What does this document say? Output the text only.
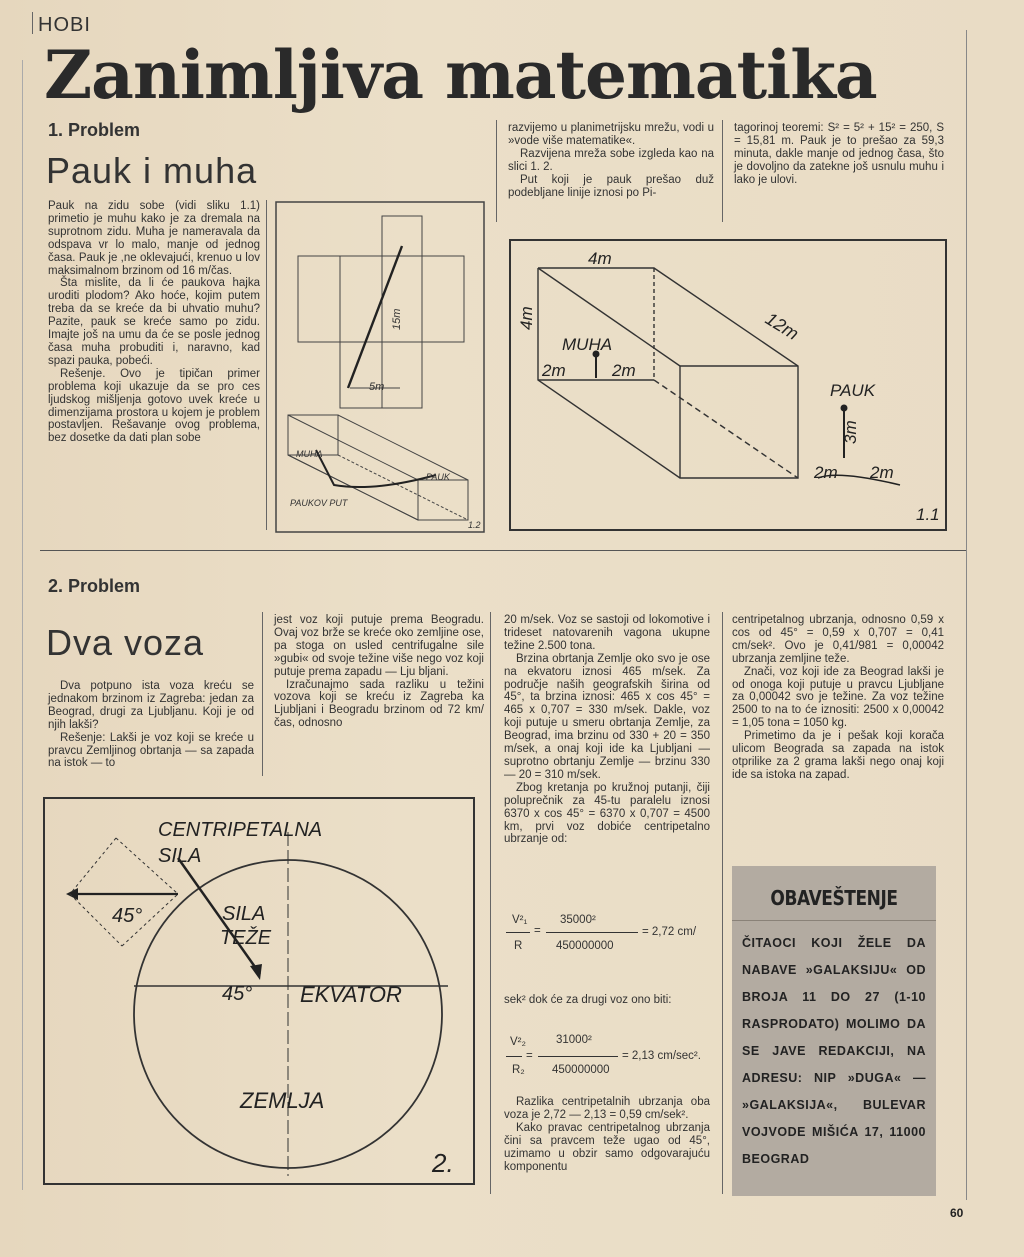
HOBI
Zanimljiva matematika
1. Problem
Pauk i muha

Pauk na zidu sobe (vidi sliku 1.1) primetio je muhu kako je za dremala na suprotnom zidu. Muha je nameravala da odspava vr lo malo, manje od jednog časa. Pauk je ,ne oklevajući, krenuo u lov maksimalnom brzinom od 16 m/čas.

Šta mislite, da li će paukova hajka uroditi plodom? Ako hoće, kojim putem treba da se kreće da bi uhvatio muhu? Pazite, pauk se kreće samo po zidu. Imajte još na umu da će se posle jednog časa muha probuditi i, naravno, kad spazi pauka, pobeći.

Rešenje. Ovo je tipičan primer problema koji ukazuje da se pro ces ljudskog mišljenja gotovo uvek kreće u dimenzijama prostora u kojem je problem postavljen. Rešavanje ovog problema, bez dosetke da dati plan sobe

5m
15m
MUHA
PAUK
PAUKOV PUT
1.2

razvijemo u planimetrijsku mrežu, vodi u »vode više matematike«.

Razvijena mreža sobe izgleda kao na slici 1. 2.

Put koji je pauk prešao duž podebljane linije iznosi po Pi-

tagorinoj teoremi: S² = 5² + 15² = 250, S = 15,81 m. Pauk je to prešao za 59,3 minuta, dakle manje od jednog časa, što je dovoljno da zatekne još usnulu muhu i lako je ulovi.

4m
4m	12m
MUHA
2m	2m
PAUK
3m
2m 2m
1.1
2. Problem
Dva voza

Dva potpuno ista voza kreću se jednakom brzinom iz Zagreba: jedan za Beograd, drugi za Ljubljanu. Koji je od njih lakši?

Rešenje: Lakši je voz koji se kreće u pravcu Zemljinog obrtanja — sa zapada na istok — to

jest voz koji putuje prema Beogradu. Ovaj voz brže se kreće oko zemljine ose, pa stoga on usled centrifugalne sile »gubi« od svoje težine više nego voz koji putuje prema zapadu — Lju bljani.

Izračunajmo sada razliku u težini vozova koji se kreću iz Zagreba ka Ljubljani i Beogradu brzinom od 72 km/čas, odnosno

CENTRIPETALNA
SILA
SILA
TEŽE
45°
45° EKVATOR
ZEMLJA
2.

20 m/sek. Voz se sastoji od lokomotive i trideset natovarenih vagona ukupne težine 2.500 tona.

Brzina obrtanja Zemlje oko svo je ose na ekvatoru iznosi 465 m/sek. Za područje naših geografskih širina od 45°, ta brzina iznosi: 465 x cos 45° = 465 x 0,707 = 330 m/sek. Dakle, voz koji putuje u smeru obrtanja Zemlje, za Beograd, ima brzinu od 330 + 20 = 350 m/sek, a onaj koji ide ka Ljubljani — suprotno obrtanju Zemlje — brzinu 330 — 20 = 310 m/sek.

Zbog kretanja po kružnoj putanji, čiji poluprečnik za 45-tu paralelu iznosi 6370 x cos 45° = 6370 x 0,707 = 4500 km, prvi voz dobiće centripetalno ubrzanje od:

V²₁	35000²
=	= 2,72 cm/
R	450000000

sek² dok će za drugi voz ono biti:

V²₂	31000²
=	= 2,13 cm/sec².
R₂ 450000000

Razlika centripetalnih ubrzanja oba voza je 2,72 — 2,13 = 0,59 cm/sek².

Kako pravac centripetalnog ubrzanja čini sa pravcem teže ugao od 45°, uzimamo u obzir samo odgovarajuću komponentu

centripetalnog ubrzanja, odnosno 0,59 x cos od 45° = 0,59 x 0,707 = 0,41 cm/sek². Ovo je 0,41/981 = 0,00042 ubrzanja zemljine teže.

Znači, voz koji ide za Beograd lakši je od onoga koji putuje u pravcu Ljubljane za 0,00042 svo je težine. Za voz težine 2500 to na to će iznositi: 2500 x 0,00042 = 1,05 tona = 1050 kg.

Primetimo da je i pešak koji korača ulicom Beograda sa zapada na istok otprilike za 2 grama lakši nego onaj koji ide sa istoka na zapad.

OBAVEŠTENJE
ČITAOCI KOJI ŽELE DA NABAVE »GALAKSIJU« OD BROJA 11 DO 27 (1-10 RASPRODATO) MOLIMO DA SE JAVE REDAKCIJI, NA ADRESU: NIP »DUGA« — »GALAKSIJA«, BULEVAR VOJVODE MIŠIĆA 17, 11000 BEOGRAD
60
